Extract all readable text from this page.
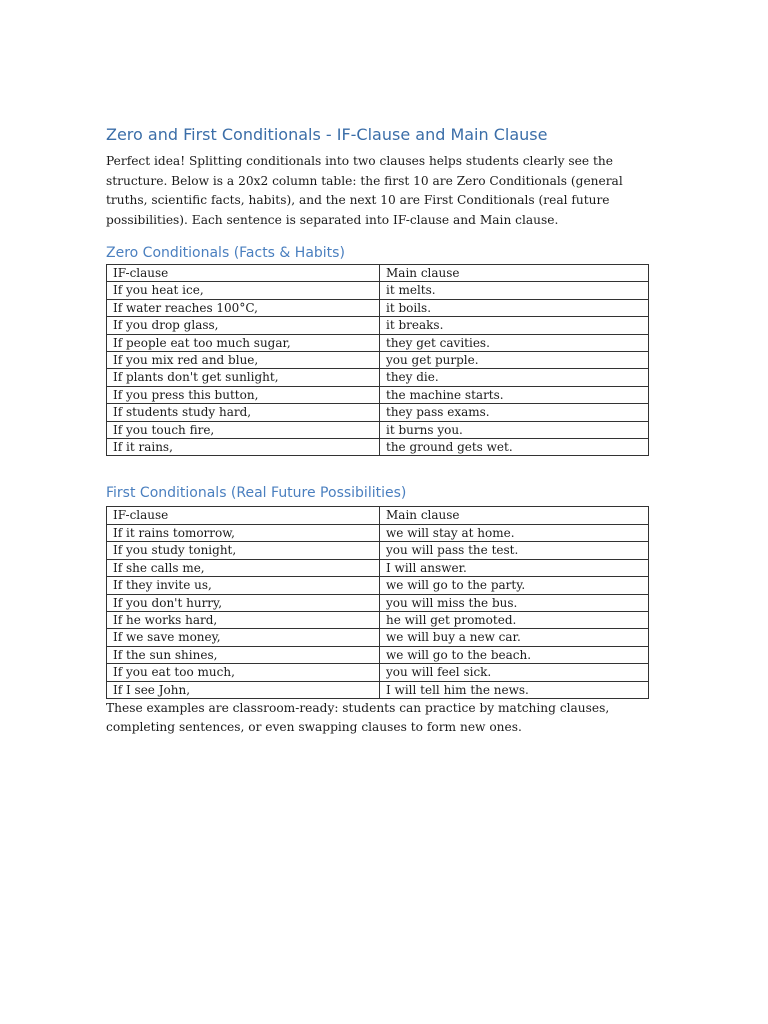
Zero and First Conditionals - IF-Clause and Main Clause

Perfect idea! Splitting conditionals into two clauses helps students clearly see the structure. Below is a 20x2 column table: the first 10 are Zero Conditionals (general truths, scientific facts, habits), and the next 10 are First Conditionals (real future possibilities). Each sentence is separated into IF-clause and Main clause.

Zero Conditionals (Facts & Habits)
IF-clause	Main clause
If you heat ice,	it melts.
If water reaches 100°C,	it boils.
If you drop glass,	it breaks.
If people eat too much sugar,	they get cavities.
If you mix red and blue,	you get purple.
If plants don't get sunlight,	they die.
If you press this button,	the machine starts.
If students study hard,	they pass exams.
If you touch fire,	it burns you.
If it rains,	the ground gets wet.
First Conditionals (Real Future Possibilities)
IF-clause	Main clause
If it rains tomorrow,	we will stay at home.
If you study tonight,	you will pass the test.
If she calls me,	I will answer.
If they invite us,	we will go to the party.
If you don't hurry,	you will miss the bus.
If he works hard,	he will get promoted.
If we save money,	we will buy a new car.
If the sun shines,	we will go to the beach.
If you eat too much,	you will feel sick.
If I see John,	I will tell him the news.

These examples are classroom-ready: students can practice by matching clauses, completing sentences, or even swapping clauses to form new ones.
